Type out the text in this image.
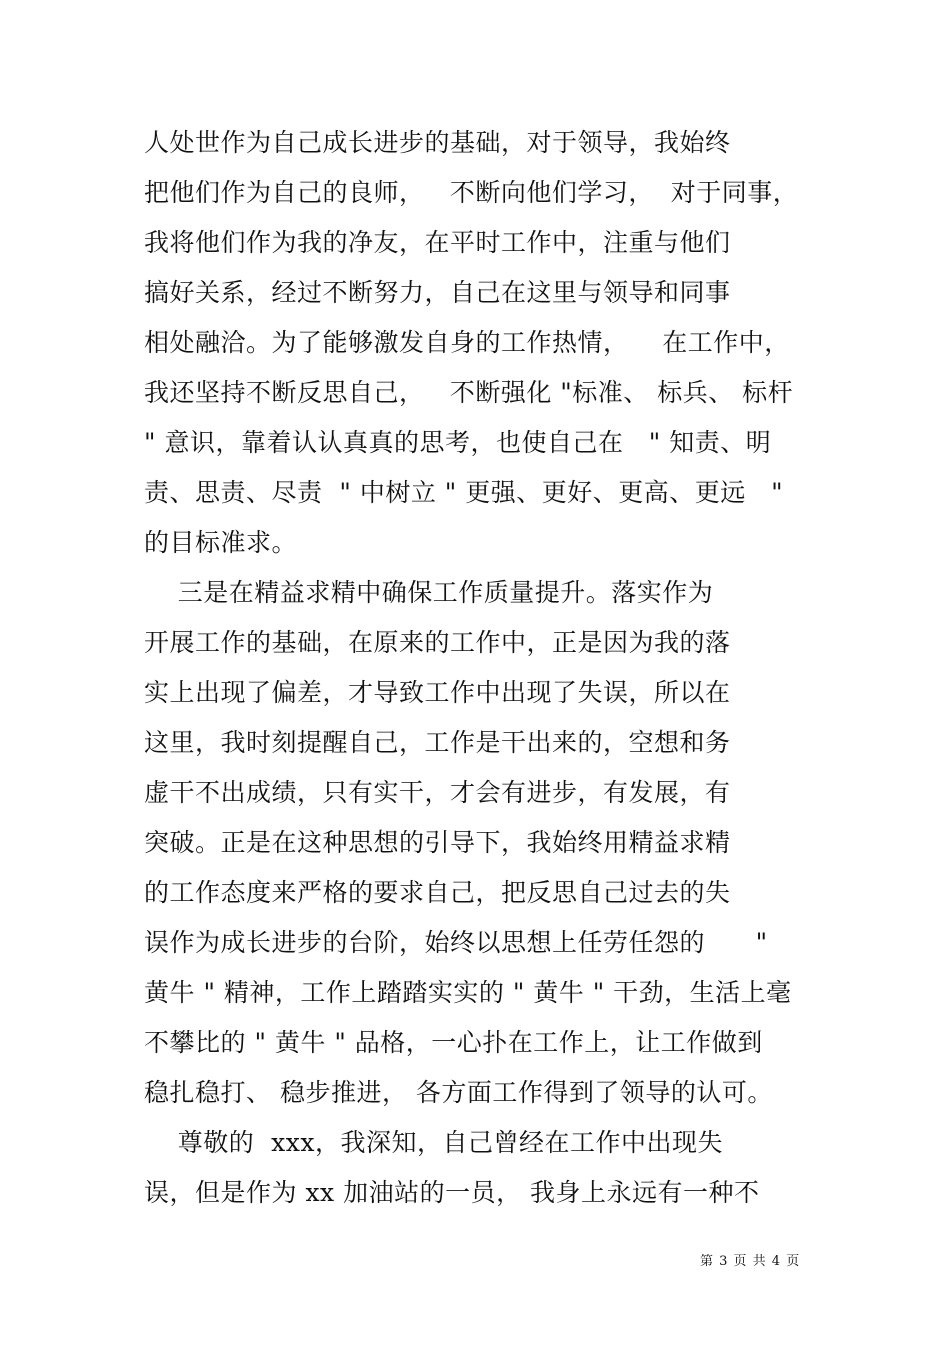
人处世作为自己成长进步的基础，对于领导，我始终
把他们作为自己的良师，   不断向他们学习，  对于同事，
我将他们作为我的净友，在平时工作中，注重与他们
搞好关系，经过不断努力，自己在这里与领导和同事
相处融洽。为了能够激发自身的工作热情，    在工作中，
我还坚持不断反思自己，   不断强化 "标准、 标兵、 标杆
" 意识，靠着认认真真的思考，也使自己在   " 知责、明
责、思责、尽责  " 中树立 " 更强、更好、更高、更远   "
的目标准求。
三是在精益求精中确保工作质量提升。落实作为
开展工作的基础，在原来的工作中，正是因为我的落
实上出现了偏差，才导致工作中出现了失误，所以在
这里，我时刻提醒自己，工作是干出来的，空想和务
虚干不出成绩，只有实干，才会有进步，有发展，有
突破。正是在这种思想的引导下，我始终用精益求精
的工作态度来严格的要求自己，把反思自己过去的失
误作为成长进步的台阶，始终以思想上任劳任怨的      "
黄牛 " 精神，工作上踏踏实实的 " 黄牛 " 干劲，生活上毫
不攀比的 " 黄牛 " 品格，一心扑在工作上，让工作做到
稳扎稳打、 稳步推进， 各方面工作得到了领导的认可。
尊敬的  xxx，我深知，自己曾经在工作中出现失
误，但是作为 xx 加油站的一员， 我身上永远有一种不
第 3 页 共 4 页
